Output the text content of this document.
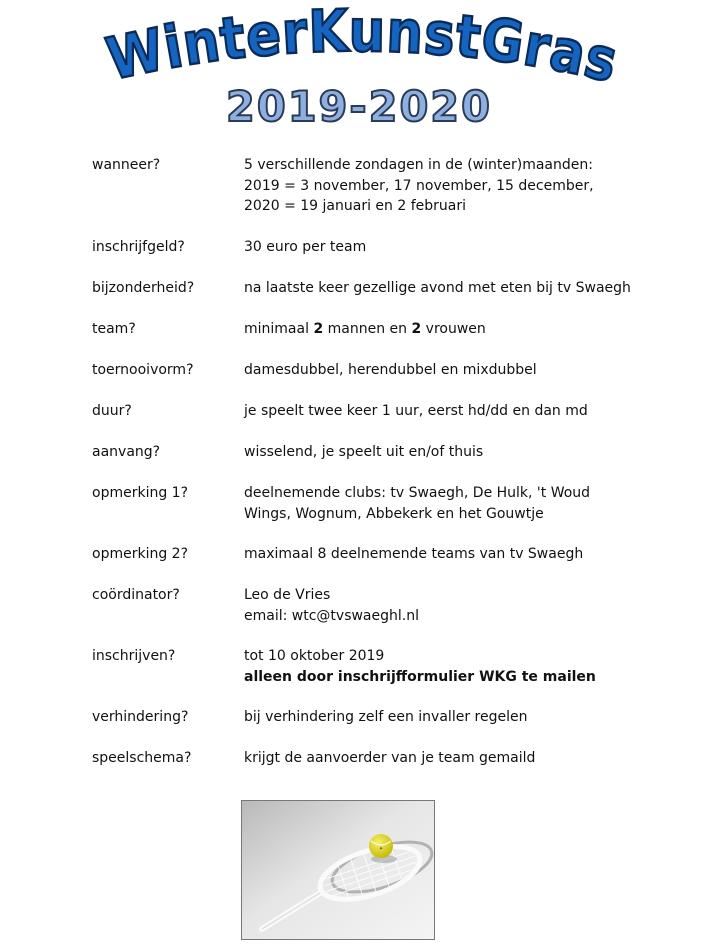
WinterKunstGras
2019-2020
wanneer?	5 verschillende zondagen in de (winter)maanden:
2019 = 3 november, 17 november, 15 december,
2020 = 19 januari en 2 februari
inschrijfgeld?	30 euro per team
bijzonderheid?	na laatste keer gezellige avond met eten bij tv Swaegh
team?	minimaal 2 mannen en 2 vrouwen
toernooivorm?	damesdubbel, herendubbel en mixdubbel
duur?	je speelt twee keer 1 uur, eerst hd/dd en dan md
aanvang?	wisselend, je speelt uit en/of thuis
opmerking 1?	deelnemende clubs: tv Swaegh, De Hulk, 't Woud
Wings, Wognum, Abbekerk en het Gouwtje
opmerking 2?	maximaal 8 deelnemende teams van tv Swaegh
coördinator?	Leo de Vries
email: wtc@tvswaeghl.nl
inschrijven?	tot 10 oktober 2019
alleen door inschrijfformulier WKG te mailen
verhindering?	bij verhindering zelf een invaller regelen
speelschema?	krijgt de aanvoerder van je team gemaild
✦
